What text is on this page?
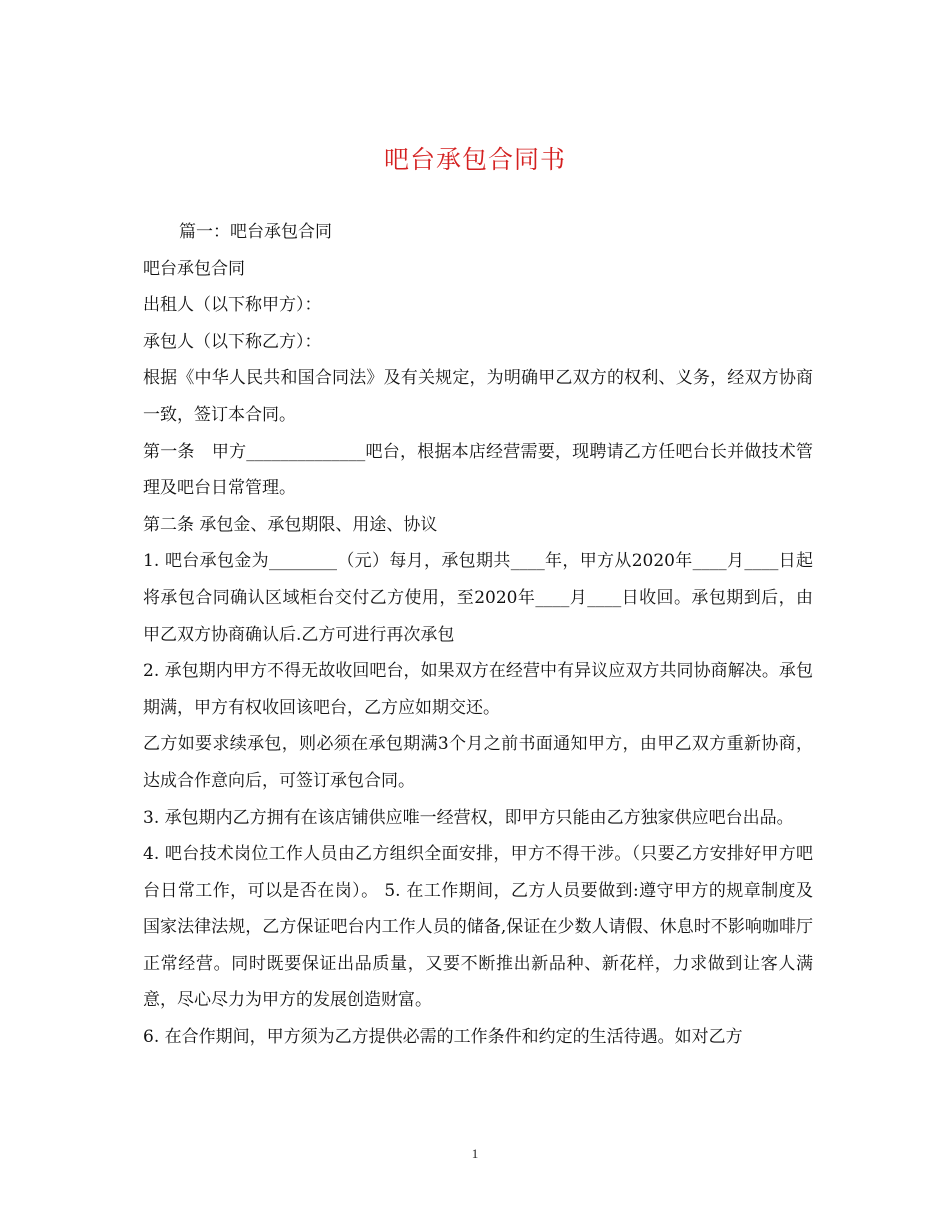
吧台承包合同书

篇一：吧台承包合同

吧台承包合同

出租人（以下称甲方）：

承包人（以下称乙方）：

根据《中华人民共和国合同法》及有关规定，为明确甲乙双方的权利、义务，经双方协商一致，签订本合同。

第一条　甲方______________吧台，根据本店经营需要，现聘请乙方任吧台长并做技术管理及吧台日常管理。

第二条 承包金、承包期限、用途、协议

1. 吧台承包金为________（元）每月，承包期共____年，甲方从2020年____月____日起将承包合同确认区域柜台交付乙方使用，至2020年____月____日收回。承包期到后，由甲乙双方协商确认后.乙方可进行再次承包

2. 承包期内甲方不得无故收回吧台，如果双方在经营中有异议应双方共同协商解决。承包期满，甲方有权收回该吧台，乙方应如期交还。

乙方如要求续承包，则必须在承包期满3个月之前书面通知甲方，由甲乙双方重新协商，达成合作意向后，可签订承包合同。

3. 承包期内乙方拥有在该店铺供应唯一经营权，即甲方只能由乙方独家供应吧台出品。

4. 吧台技术岗位工作人员由乙方组织全面安排，甲方不得干涉。（只要乙方安排好甲方吧台日常工作，可以是否在岗）。 5. 在工作期间，乙方人员要做到:遵守甲方的规章制度及国家法律法规，乙方保证吧台内工作人员的储备,保证在少数人请假、休息时不影响咖啡厅正常经营。同时既要保证出品质量，又要不断推出新品种、新花样，力求做到让客人满意，尽心尽力为甲方的发展创造财富。

6. 在合作期间，甲方须为乙方提供必需的工作条件和约定的生活待遇。如对乙方

1
